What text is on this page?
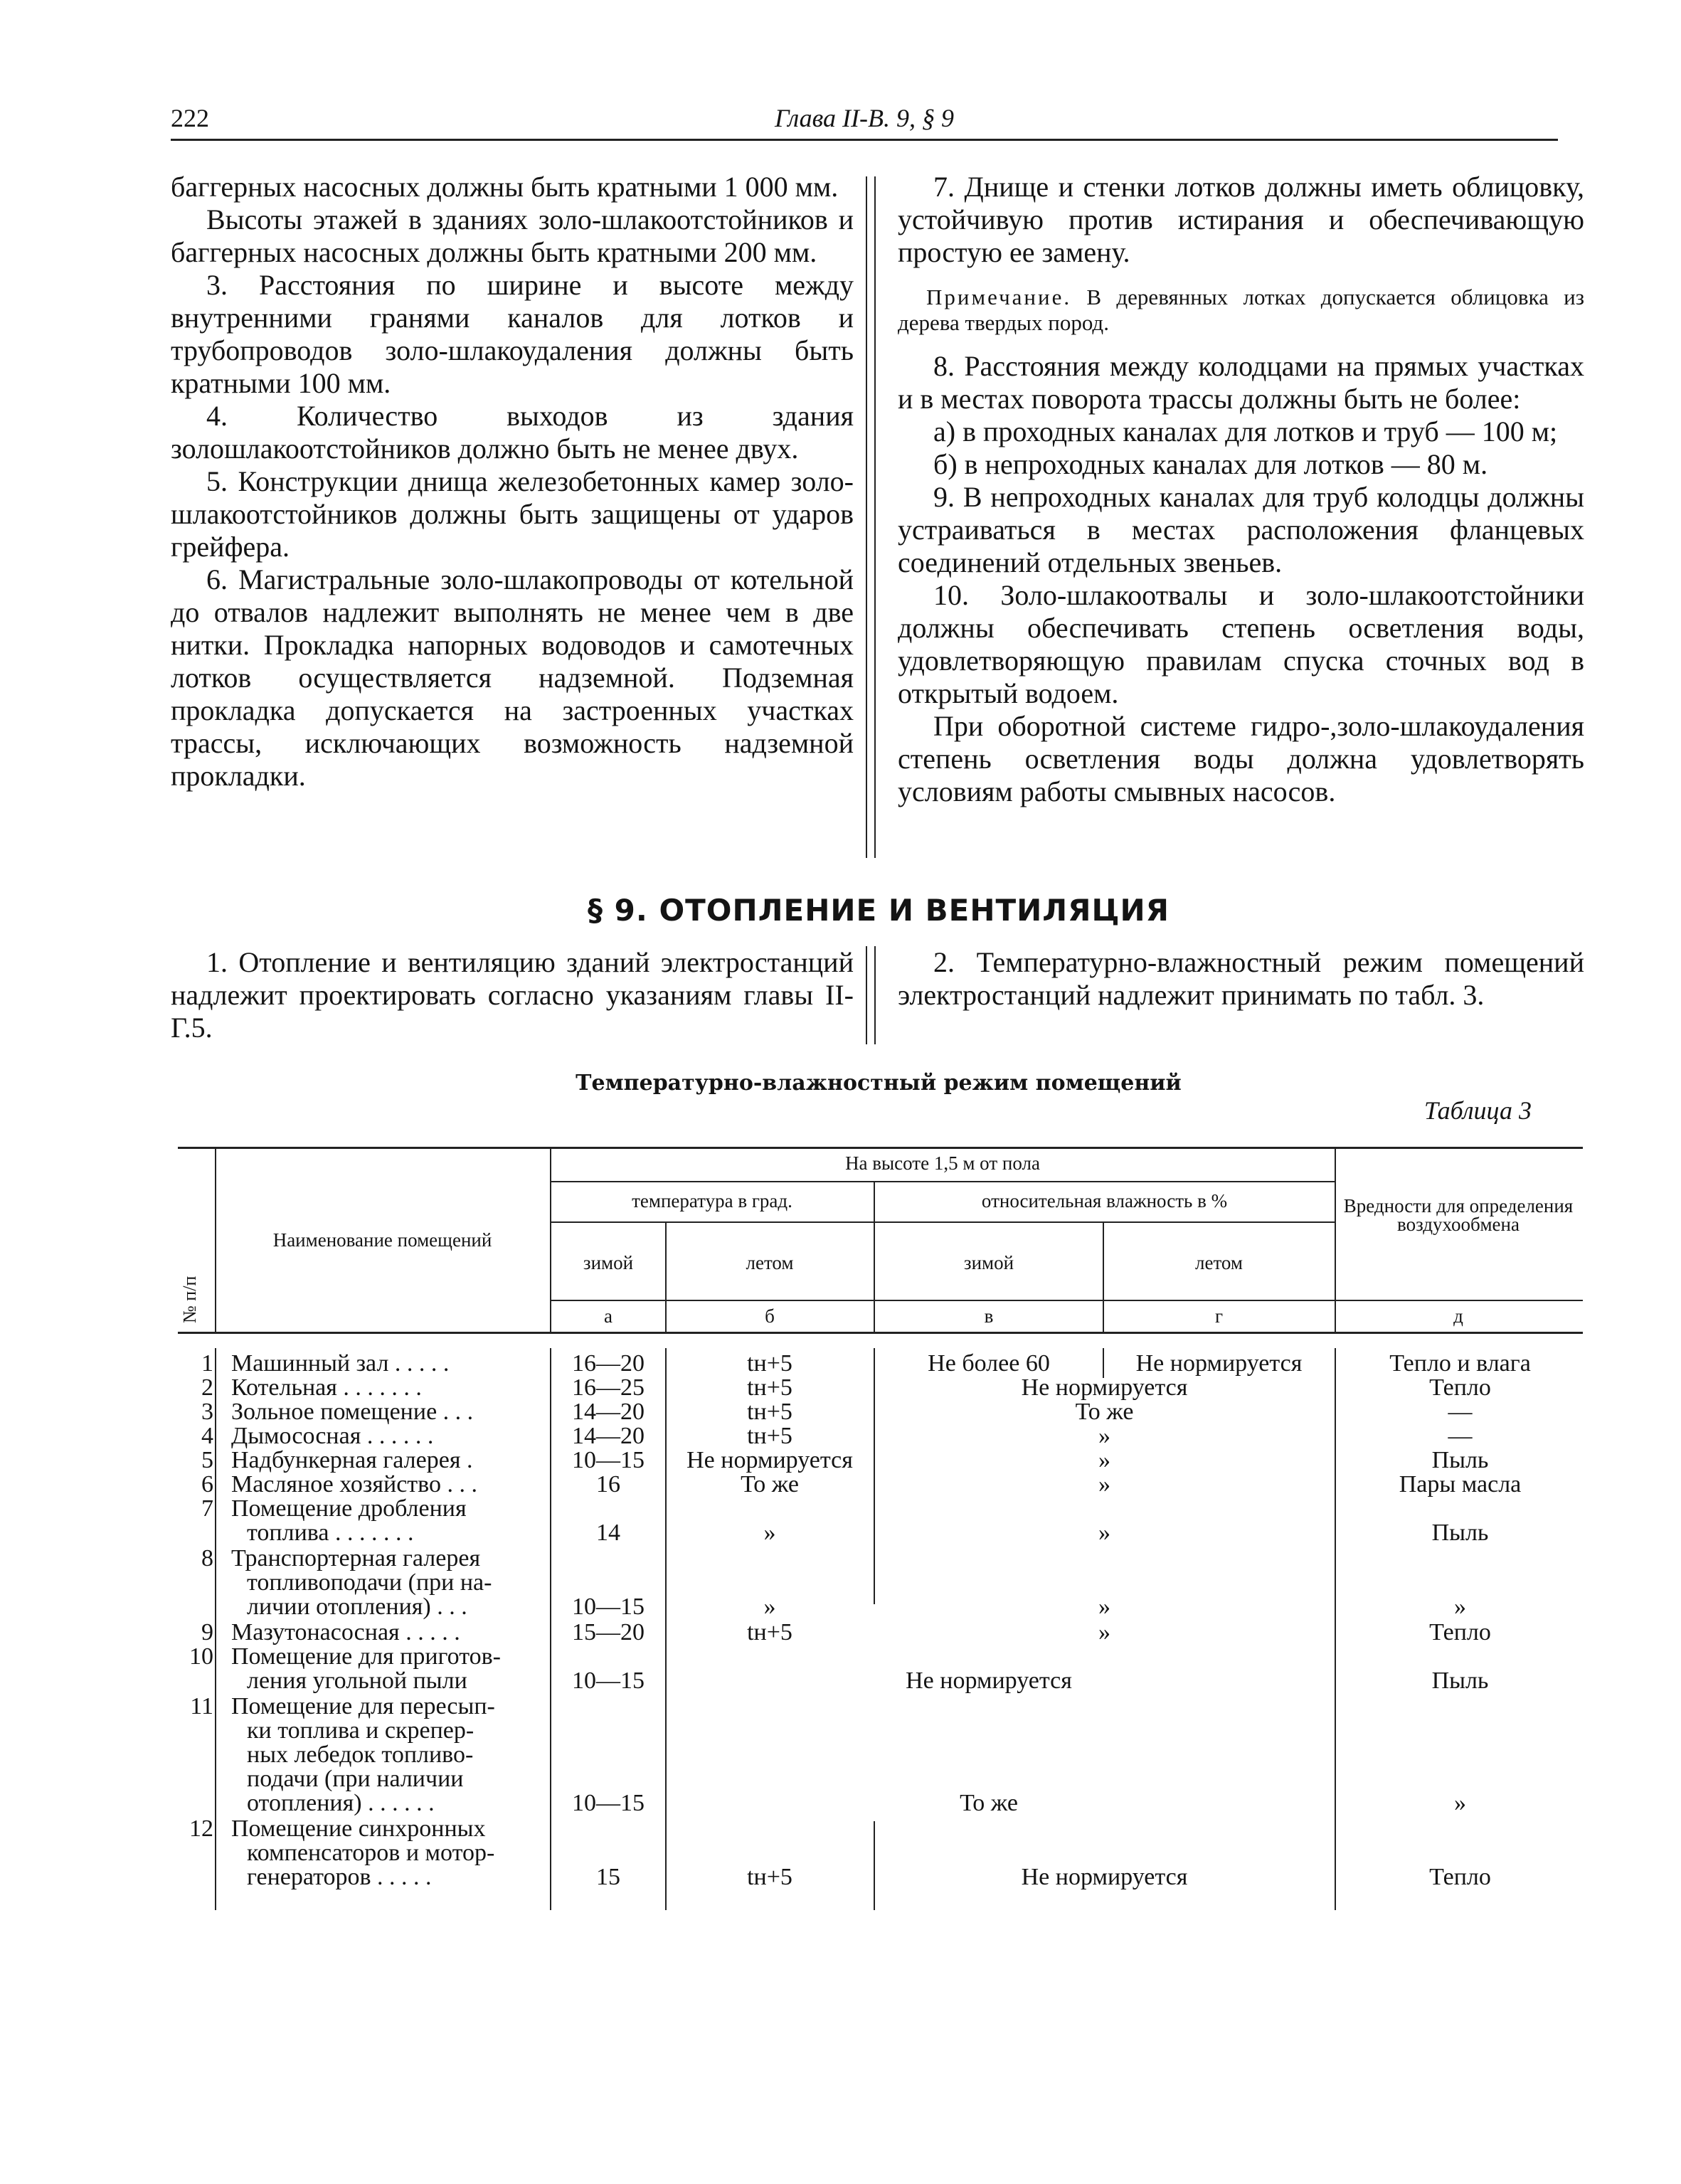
222	Глава II-В. 9, § 9

баггерных насосных должны быть кратными 1 000 мм.

Высоты этажей в зданиях золо-шлакоотстойников и баггерных насосных должны быть кратными 200 мм.

3. Расстояния по ширине и высоте между внутренними гранями каналов для лотков и трубопроводов золо-шлакоудаления должны быть кратными 100 мм.

4. Количество выходов из здания золошлакоотстойников должно быть не менее двух.

5. Конструкции днища железобетонных камер золо-шлакоотстойников должны быть защищены от ударов грейфера.

6. Магистральные золо-шлакопроводы от котельной до отвалов надлежит выполнять не менее чем в две нитки. Прокладка напорных водоводов и самотечных лотков осуществляется надземной. Подземная прокладка допускается на застроенных участках трассы, исключающих возможность надземной прокладки.

7. Днище и стенки лотков должны иметь облицовку, устойчивую против истирания и обеспечивающую простую ее замену.

Примечание. В деревянных лотках допускается облицовка из дерева твердых пород.

8. Расстояния между колодцами на прямых участках и в местах поворота трассы должны быть не более:

а) в проходных каналах для лотков и труб — 100 м;

б) в непроходных каналах для лотков — 80 м.

9. В непроходных каналах для труб колодцы должны устраиваться в местах расположения фланцевых соединений отдельных звеньев.

10. Золо-шлакоотвалы и золо-шлакоотстойники должны обеспечивать степень осветления воды, удовлетворяющую правилам спуска сточных вод в открытый водоем.

При оборотной системе гидро-,золо-шлакоудаления степень осветления воды должна удовлетворять условиям работы смывных насосов.

§ 9. ОТОПЛЕНИЕ И ВЕНТИЛЯЦИЯ

1. Отопление и вентиляцию зданий электростанций надлежит проектировать согласно указаниям главы II-Г.5.

2. Температурно-влажностный режим помещений электростанций надлежит принимать по табл. 3.

Температурно-влажностный режим помещений
Таблица 3
№ п/п
Наименование помещений
На высоте 1,5 м от пола
температура в град.	относительная влажность в %
зимой	летом	зимой	летом
Вредности для определения воздухообмена
а	б	в	г	д
1 Машинный зал . . . . .	16—20	tн+5	Не более 60	Не нормируется	Тепло и влага
2 Котельная . . . . . . .	16—25	tн+5	Не нормируется	Тепло
3 Зольное помещение . . .	14—20	tн+5	То же	—
4 Дымососная . . . . . .	14—20	tн+5	»	—
5 Надбункерная галерея .	10—15	Не нормируется	»	Пыль
6 Масляное хозяйство . . .	16	То же	»	Пары масла
7 Помещение дробления
топлива . . . . . . .	14	»	»	Пыль
8 Транспортерная галерея
топливоподачи (при на-
личии отопления) . . .	10—15	»	»	»
9 Мазутонасосная . . . . .	15—20	tн+5	»	Тепло
10 Помещение для приготов-
ления угольной пыли	10—15	Не нормируется	Пыль
11 Помещение для пересып-
ки топлива и скрепер-
ных лебедок топливо-
подачи (при наличии
отопления) . . . . . .	10—15	То же	»
12 Помещение синхронных
компенсаторов и мотор-
генераторов . . . . .	15	tн+5	Не нормируется	Тепло
